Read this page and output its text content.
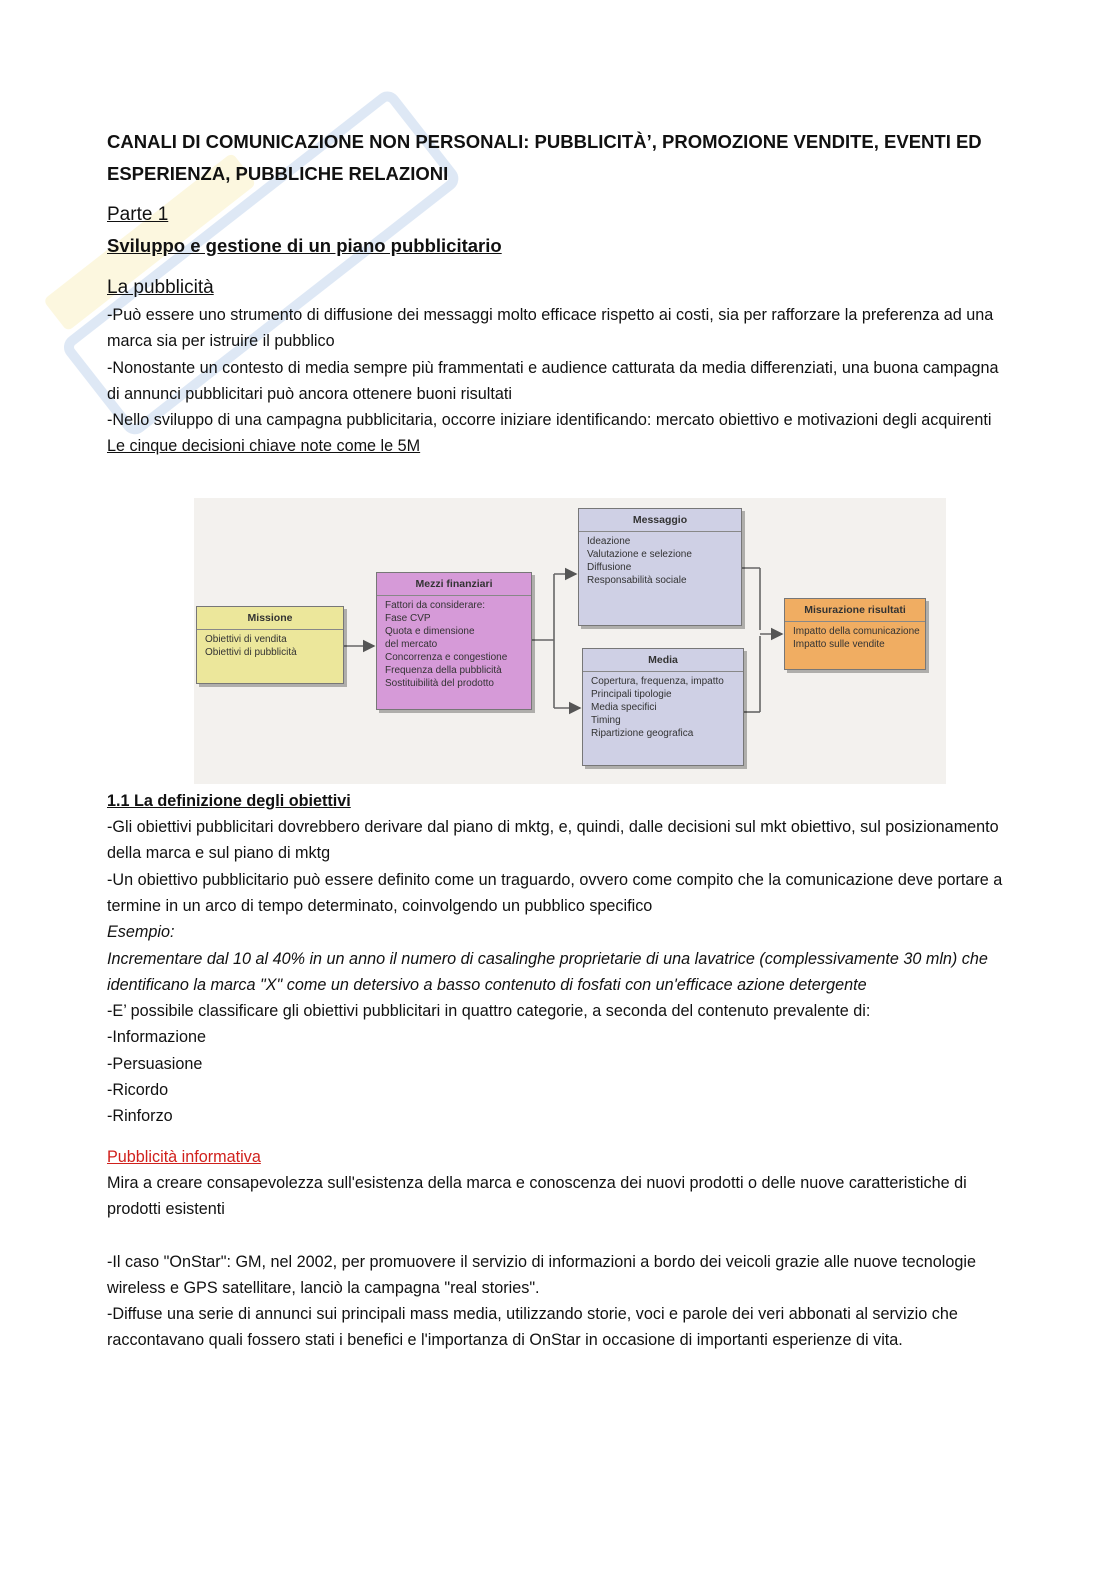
CANALI DI COMUNICAZIONE NON PERSONALI: PUBBLICITÀ’, PROMOZIONE VENDITE, EVENTI ED ESPERIENZA, PUBBLICHE RELAZIONI

Parte 1

Sviluppo e gestione di un piano pubblicitario

La pubblicità

-Può essere uno strumento di diffusione dei messaggi molto efficace rispetto ai costi, sia per rafforzare la preferenza ad una marca sia per istruire il pubblico

-Nonostante un contesto di media sempre più frammentati e audience catturata da media differenziati, una buona campagna di annunci pubblicitari può ancora ottenere buoni risultati

-Nello sviluppo di una campagna pubblicitaria, occorre iniziare identificando: mercato obiettivo e motivazioni degli acquirenti

Le cinque decisioni chiave note come le 5M

Missione
Obiettivi di vendita
Obiettivi di pubblicità
Mezzi finanziari
Fattori da considerare:
Fase CVP
Quota e dimensione
del mercato
Concorrenza e congestione
Frequenza della pubblicità
Sostituibilità del prodotto
Messaggio
Ideazione
Valutazione e selezione
Diffusione
Responsabilità sociale
Media
Copertura, frequenza, impatto
Principali tipologie
Media specifici
Timing
Ripartizione geografica
Misurazione risultati
Impatto della comunicazione
Impatto sulle vendite

1.1 La definizione degli obiettivi

-Gli obiettivi pubblicitari dovrebbero derivare dal piano di mktg, e, quindi, dalle decisioni sul mkt obiettivo, sul posizionamento della marca e sul piano di mktg

-Un obiettivo pubblicitario può essere definito come un traguardo, ovvero come compito che la comunicazione deve portare a termine in un arco di tempo determinato, coinvolgendo un pubblico specifico

Esempio:

Incrementare dal 10 al 40% in un anno il numero di casalinghe proprietarie di una lavatrice (complessivamente 30 mln) che identificano la marca "X" come un detersivo a basso contenuto di fosfati con un'efficace azione detergente

-E’ possibile classificare gli obiettivi pubblicitari in quattro categorie, a seconda del contenuto prevalente di:

-Informazione

-Persuasione

-Ricordo

-Rinforzo

Pubblicità informativa

Mira a creare consapevolezza sull'esistenza della marca e conoscenza dei nuovi prodotti o delle nuove caratteristiche di prodotti esistenti

-Il caso "OnStar": GM, nel 2002, per promuovere il servizio di informazioni a bordo dei veicoli grazie alle nuove tecnologie wireless e GPS satellitare, lanciò la campagna "real stories".

-Diffuse una serie di annunci sui principali mass media, utilizzando storie, voci e parole dei veri abbonati al servizio che raccontavano quali fossero stati i benefici e l'importanza di OnStar in occasione di importanti esperienze di vita.
